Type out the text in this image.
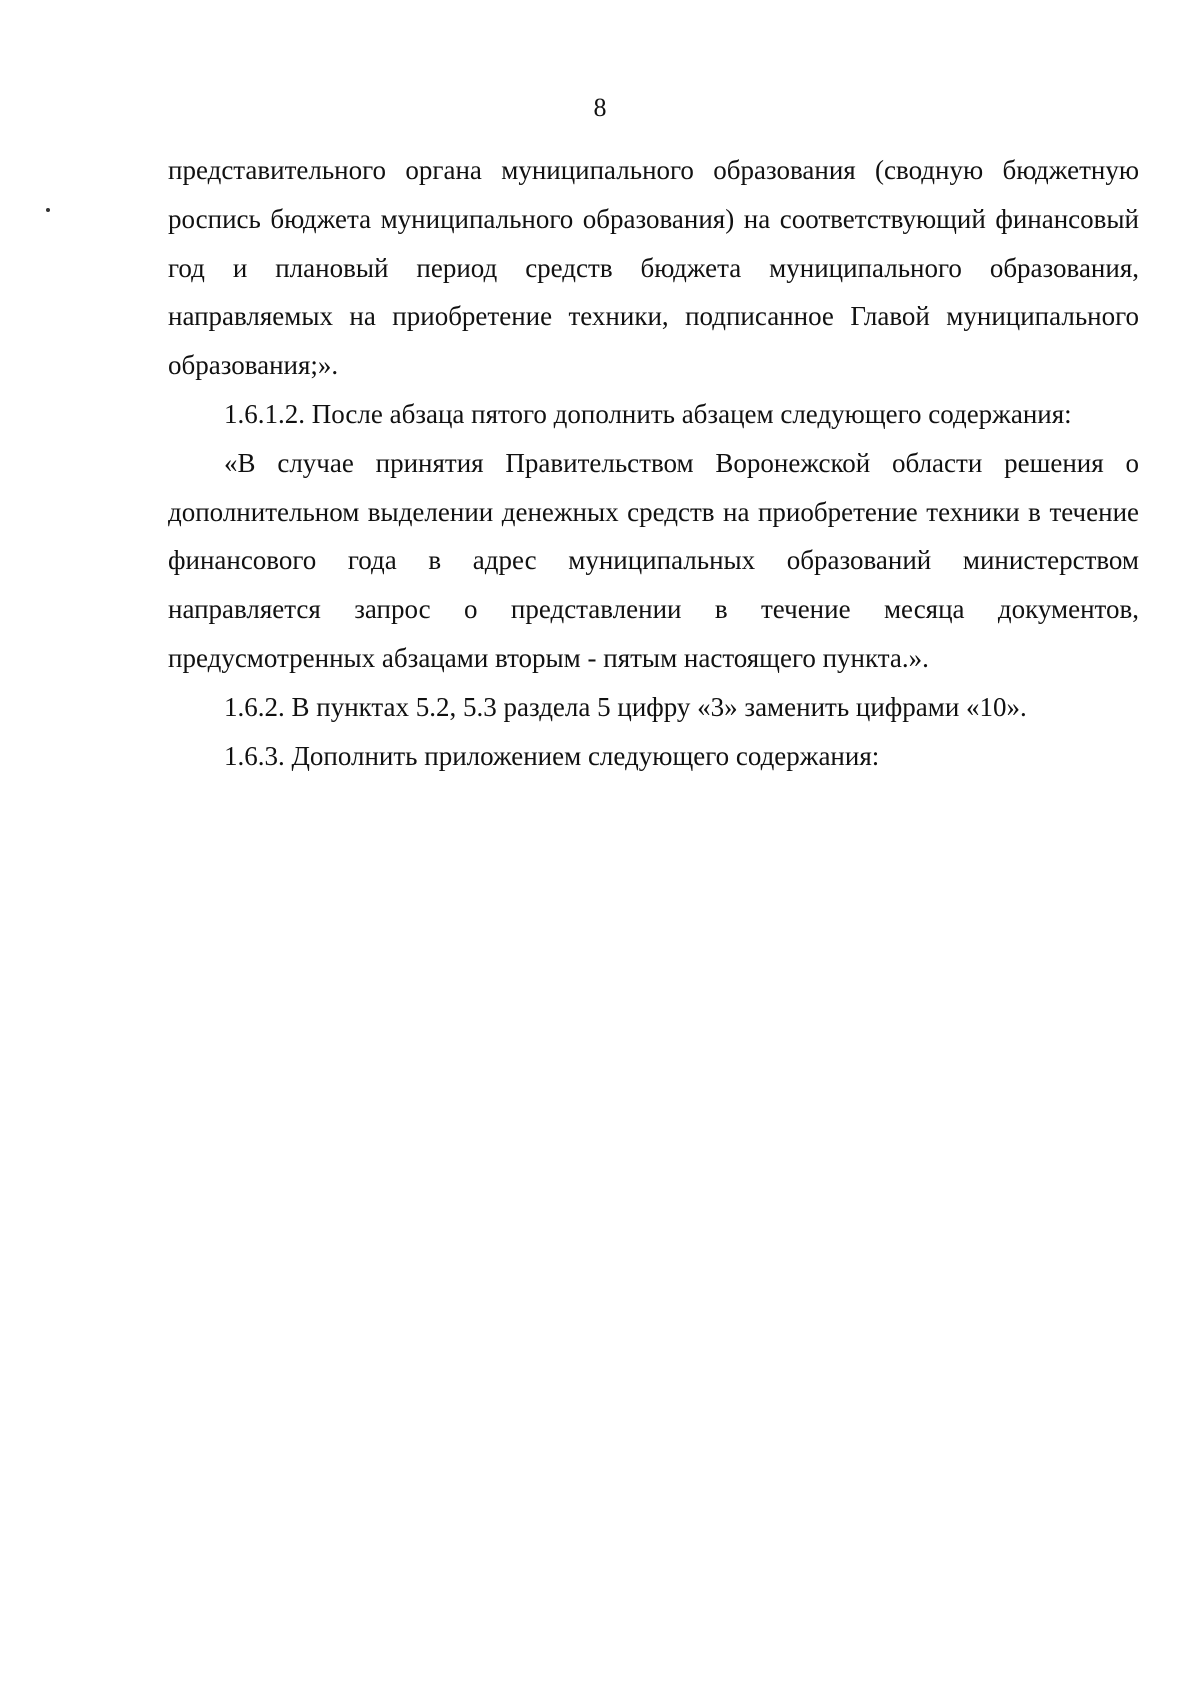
8

представительного органа муниципального образования (сводную бюджетную роспись бюджета муниципального образования) на соответствующий финансовый год и плановый период средств бюджета муниципального образования, направляемых на приобретение техники, подписанное Главой муниципального образования;».

1.6.1.2. После абзаца пятого дополнить абзацем следующего содержания:

«В случае принятия Правительством Воронежской области решения о дополнительном выделении денежных средств на приобретение техники в течение финансового года в адрес муниципальных образований министерством направляется запрос о представлении в течение месяца документов, предусмотренных абзацами вторым - пятым настоящего пункта.».

1.6.2. В пунктах 5.2, 5.3 раздела 5 цифру «3» заменить цифрами «10».

1.6.3. Дополнить приложением следующего содержания:
